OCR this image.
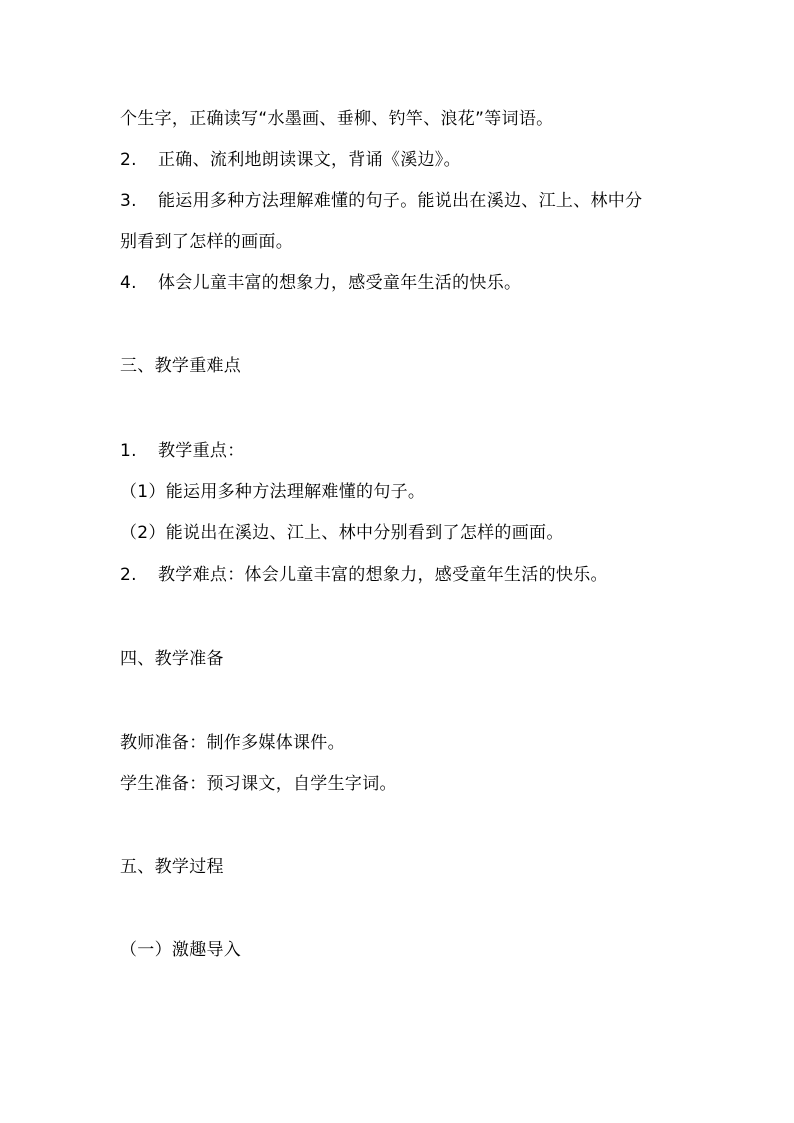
个生字，正确读写“水墨画、垂柳、钓竿、浪花”等词语。
2. 正确、流利地朗读课文，背诵《溪边》。
3. 能运用多种方法理解难懂的句子。能说出在溪边、江上、林中分
别看到了怎样的画面。
4. 体会儿童丰富的想象力，感受童年生活的快乐。
三、教学重难点
1. 教学重点：
（1）能运用多种方法理解难懂的句子。
（2）能说出在溪边、江上、林中分别看到了怎样的画面。
2. 教学难点：体会儿童丰富的想象力，感受童年生活的快乐。
四、教学准备
教师准备：制作多媒体课件。
学生准备：预习课文，自学生字词。
五、教学过程
（一）激趣导入
